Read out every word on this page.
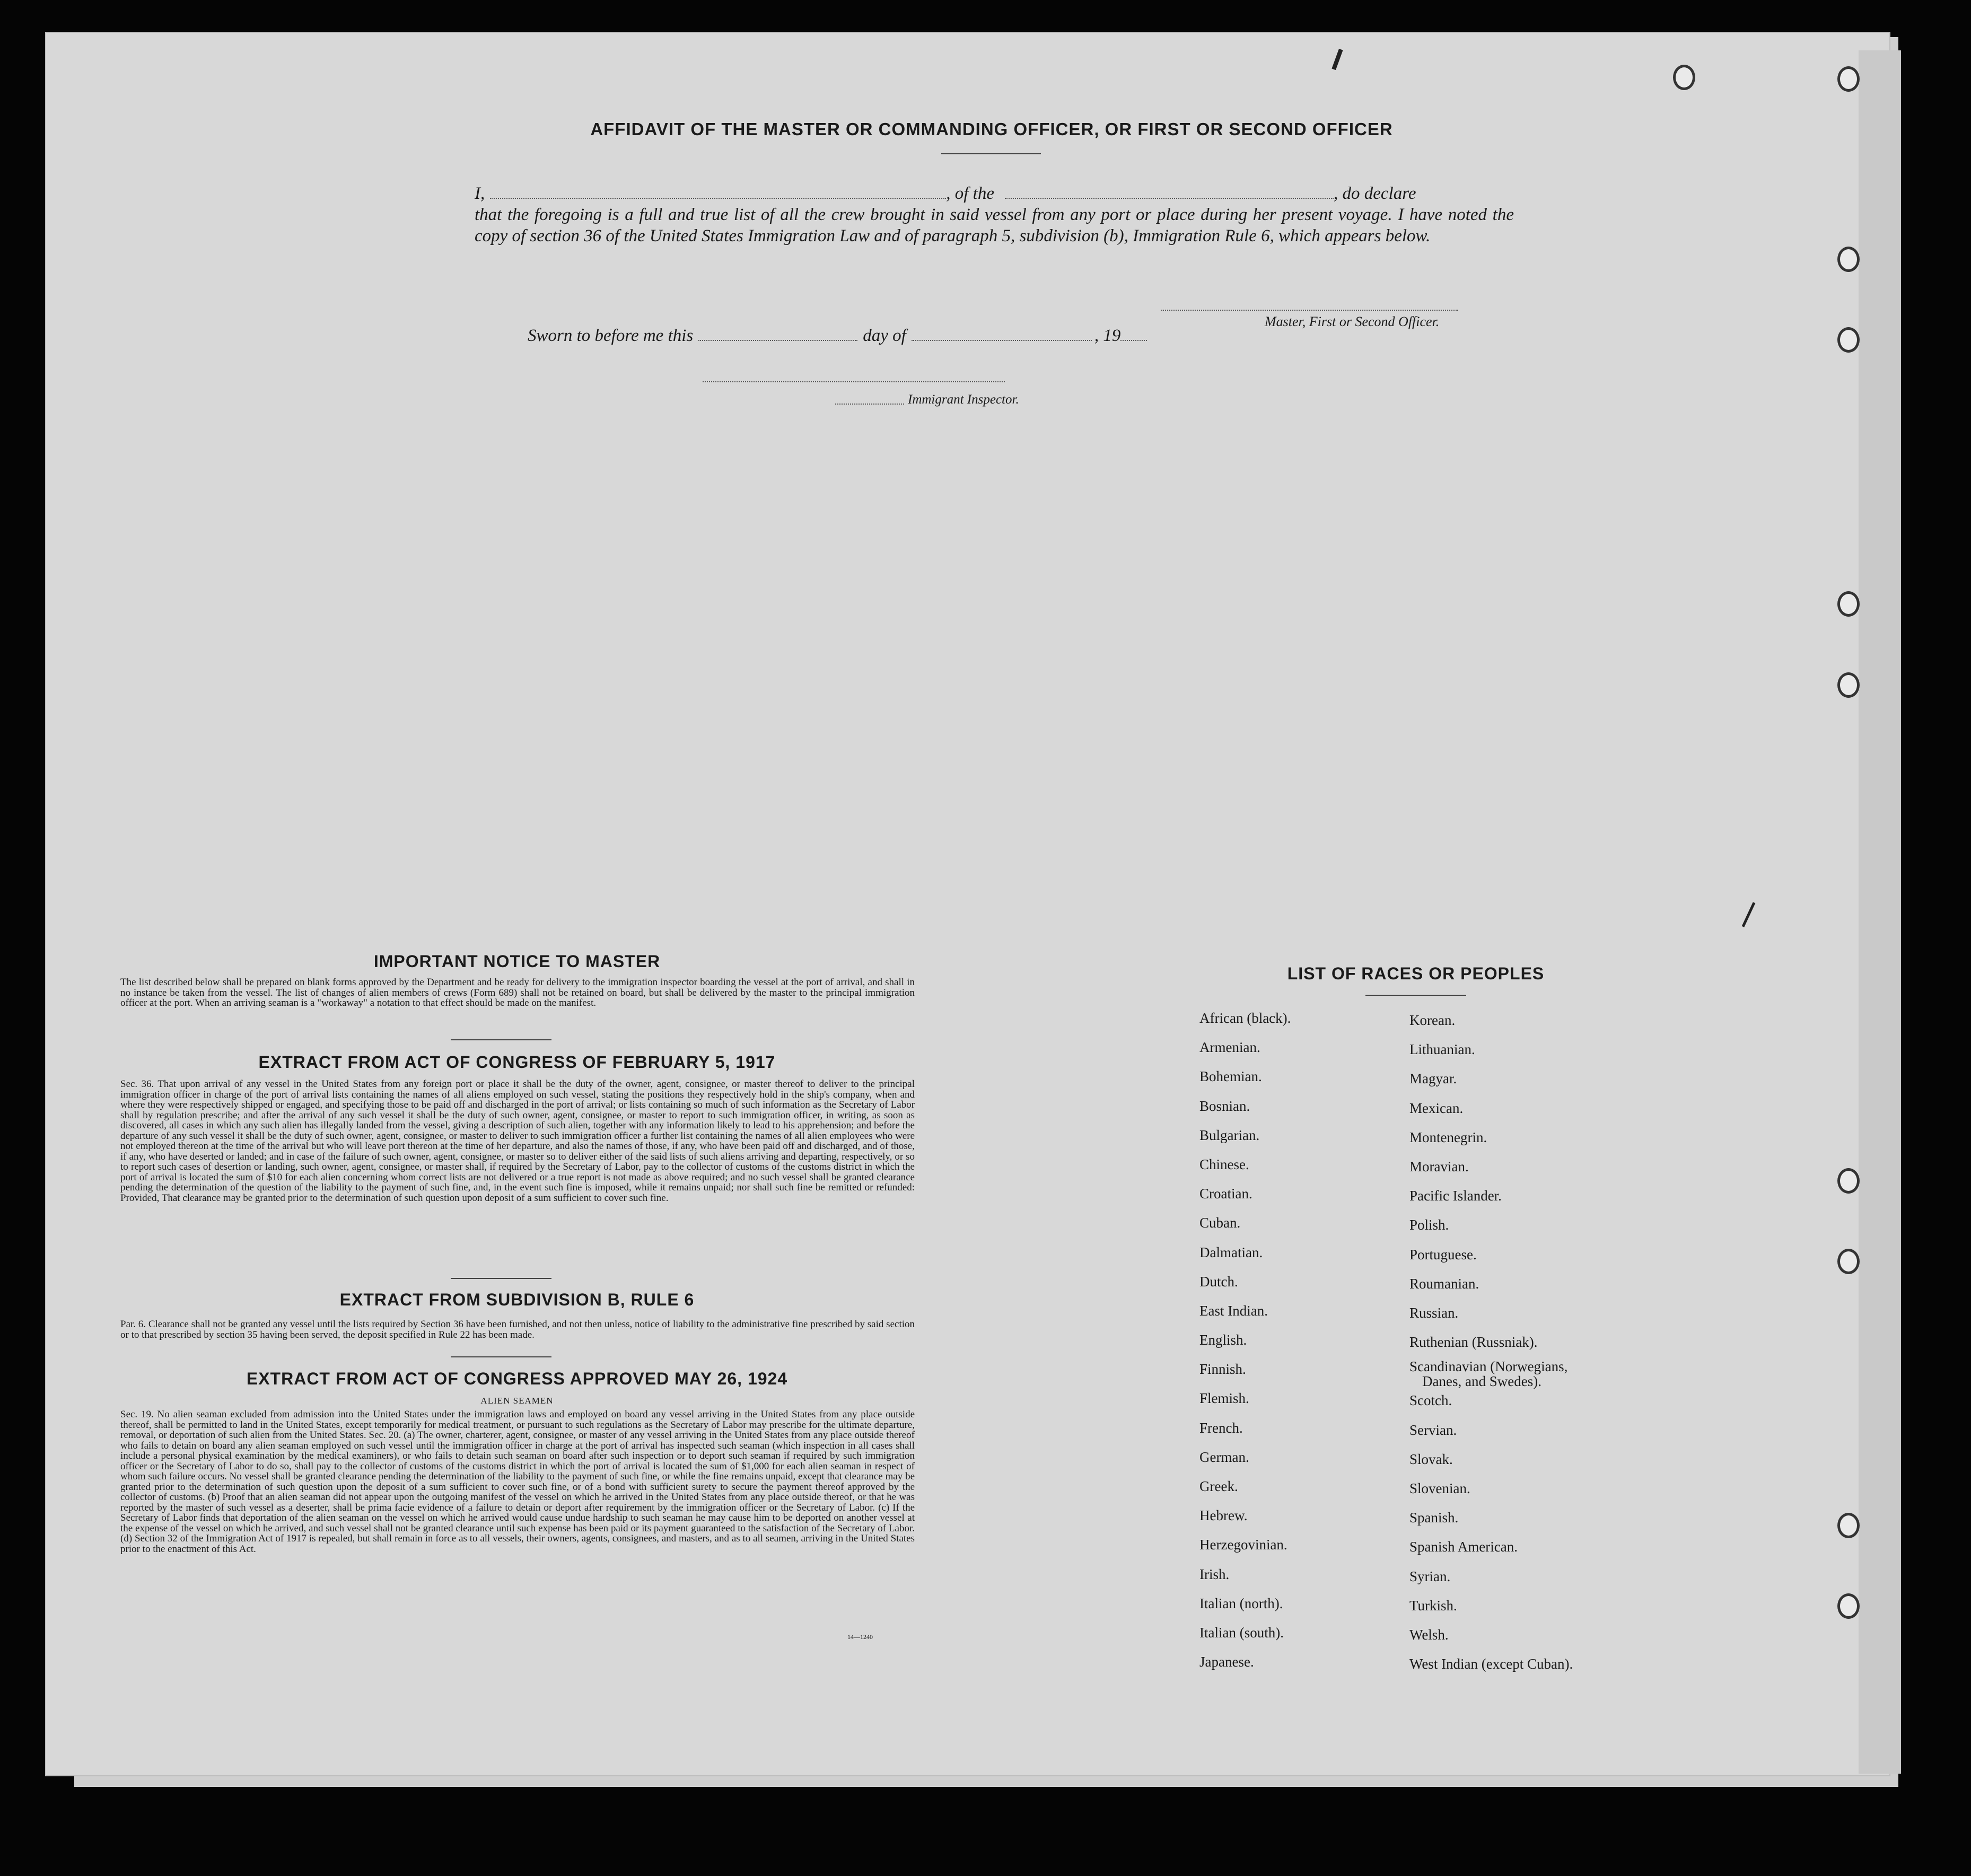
AFFIDAVIT OF THE MASTER OR COMMANDING OFFICER, OR FIRST OR SECOND OFFICER
I,	, of the	, do declare
that the foregoing is a full and true list of all the crew brought in said vessel from any port or place during her present voyage. I have noted the copy of section 36 of the United States Immigration Law and of paragraph 5, subdivision (b), Immigration Rule 6, which appears below.
Master, First or Second Officer.
Sworn to before me this	day of	, 19
Immigrant Inspector.
IMPORTANT NOTICE TO MASTER
The list described below shall be prepared on blank forms approved by the Department and be ready for delivery to the immigration inspector boarding the vessel at the port of arrival, and shall in no instance be taken from the vessel. The list of changes of alien members of crews (Form 689) shall not be retained on board, but shall be delivered by the master to the principal immigration officer at the port. When an arriving seaman is a "workaway" a notation to that effect should be made on the manifest.
EXTRACT FROM ACT OF CONGRESS OF FEBRUARY 5, 1917
Sec. 36. That upon arrival of any vessel in the United States from any foreign port or place it shall be the duty of the owner, agent, consignee, or master thereof to deliver to the principal immigration officer in charge of the port of arrival lists containing the names of all aliens employed on such vessel, stating the positions they respectively hold in the ship's company, when and where they were respectively shipped or engaged, and specifying those to be paid off and discharged in the port of arrival; or lists containing so much of such information as the Secretary of Labor shall by regulation prescribe; and after the arrival of any such vessel it shall be the duty of such owner, agent, consignee, or master to report to such immigration officer, in writing, as soon as discovered, all cases in which any such alien has illegally landed from the vessel, giving a description of such alien, together with any information likely to lead to his apprehension; and before the departure of any such vessel it shall be the duty of such owner, agent, consignee, or master to deliver to such immigration officer a further list containing the names of all alien employees who were not employed thereon at the time of the arrival but who will leave port thereon at the time of her departure, and also the names of those, if any, who have been paid off and discharged, and of those, if any, who have deserted or landed; and in case of the failure of such owner, agent, consignee, or master so to deliver either of the said lists of such aliens arriving and departing, respectively, or so to report such cases of desertion or landing, such owner, agent, consignee, or master shall, if required by the Secretary of Labor, pay to the collector of customs of the customs district in which the port of arrival is located the sum of $10 for each alien concerning whom correct lists are not delivered or a true report is not made as above required; and no such vessel shall be granted clearance pending the determination of the question of the liability to the payment of such fine, and, in the event such fine is imposed, while it remains unpaid; nor shall such fine be remitted or refunded: Provided, That clearance may be granted prior to the determination of such question upon deposit of a sum sufficient to cover such fine.
EXTRACT FROM SUBDIVISION B, RULE 6
Par. 6. Clearance shall not be granted any vessel until the lists required by Section 36 have been furnished, and not then unless, notice of liability to the administrative fine prescribed by said section or to that prescribed by section 35 having been served, the deposit specified in Rule 22 has been made.
EXTRACT FROM ACT OF CONGRESS APPROVED MAY 26, 1924
ALIEN SEAMEN
Sec. 19. No alien seaman excluded from admission into the United States under the immigration laws and employed on board any vessel arriving in the United States from any place outside thereof, shall be permitted to land in the United States, except temporarily for medical treatment, or pursuant to such regulations as the Secretary of Labor may prescribe for the ultimate departure, removal, or deportation of such alien from the United States. Sec. 20. (a) The owner, charterer, agent, consignee, or master of any vessel arriving in the United States from any place outside thereof who fails to detain on board any alien seaman employed on such vessel until the immigration officer in charge at the port of arrival has inspected such seaman (which inspection in all cases shall include a personal physical examination by the medical examiners), or who fails to detain such seaman on board after such inspection or to deport such seaman if required by such immigration officer or the Secretary of Labor to do so, shall pay to the collector of customs of the customs district in which the port of arrival is located the sum of $1,000 for each alien seaman in respect of whom such failure occurs. No vessel shall be granted clearance pending the determination of the liability to the payment of such fine, or while the fine remains unpaid, except that clearance may be granted prior to the determination of such question upon the deposit of a sum sufficient to cover such fine, or of a bond with sufficient surety to secure the payment thereof approved by the collector of customs. (b) Proof that an alien seaman did not appear upon the outgoing manifest of the vessel on which he arrived in the United States from any place outside thereof, or that he was reported by the master of such vessel as a deserter, shall be prima facie evidence of a failure to detain or deport after requirement by the immigration officer or the Secretary of Labor. (c) If the Secretary of Labor finds that deportation of the alien seaman on the vessel on which he arrived would cause undue hardship to such seaman he may cause him to be deported on another vessel at the expense of the vessel on which he arrived, and such vessel shall not be granted clearance until such expense has been paid or its payment guaranteed to the satisfaction of the Secretary of Labor. (d) Section 32 of the Immigration Act of 1917 is repealed, but shall remain in force as to all vessels, their owners, agents, consignees, and masters, and as to all seamen, arriving in the United States prior to the enactment of this Act.
14—1240
LIST OF RACES OR PEOPLES
African (black).
Armenian.
Bohemian.
Bosnian.
Bulgarian.
Chinese.
Croatian.
Cuban.
Dalmatian.
Dutch.
East Indian.
English.
Finnish.
Flemish.
French.
German.
Greek.
Hebrew.
Herzegovinian.
Irish.
Italian (north).
Italian (south).
Japanese.
Korean.
Lithuanian.
Magyar.
Mexican.
Montenegrin.
Moravian.
Pacific Islander.
Polish.
Portuguese.
Roumanian.
Russian.
Ruthenian (Russniak).
Scandinavian (Norwegians,
Danes, and Swedes).
Scotch.
Servian.
Slovak.
Slovenian.
Spanish.
Spanish American.
Syrian.
Turkish.
Welsh.
West Indian (except Cuban).
